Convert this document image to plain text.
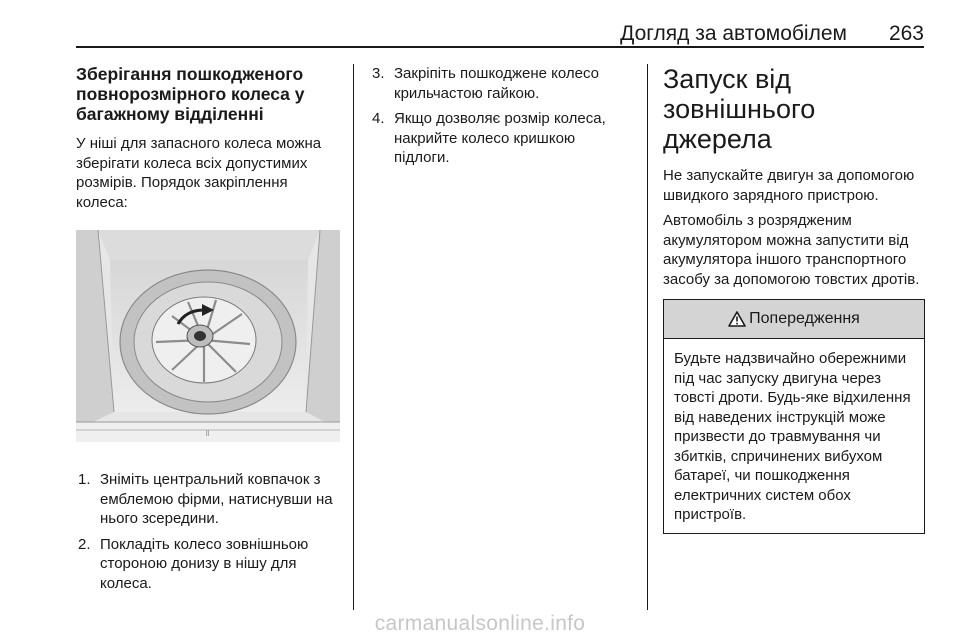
Догляд за автомобілем 263
Зберігання пошкодженого повнорозмірного колеса у багажному відділенні

У ніші для запасного колеса можна зберігати колеса всіх допустимих розмірів. Порядок закріплення колеса:

ll
1. Зніміть центральний ковпачок з емблемою фірми, натиснувши на нього зсередини.
2. Покладіть колесо зовнішньою стороною донизу в нішу для колеса.
3. Закріпіть пошкоджене колесо крильчастою гайкою.
4. Якщо дозволяє розмір колеса, накрийте колесо кришкою підлоги.
Запуск від зовнішнього джерела

Не запускайте двигун за допомогою швидкого зарядного пристрою.

Автомобіль з розрядженим акумулятором можна запустити від акумулятора іншого транспортного засобу за допомогою товстих дротів.

Попередження
Будьте надзвичайно обережними під час запуску двигуна через товсті дроти. Будь-яке відхилення від наведених інструкцій може призвести до травмування чи збитків, спричинених вибухом батареї, чи пошкодження електричних систем обох пристроїв.
carmanualsonline.info
